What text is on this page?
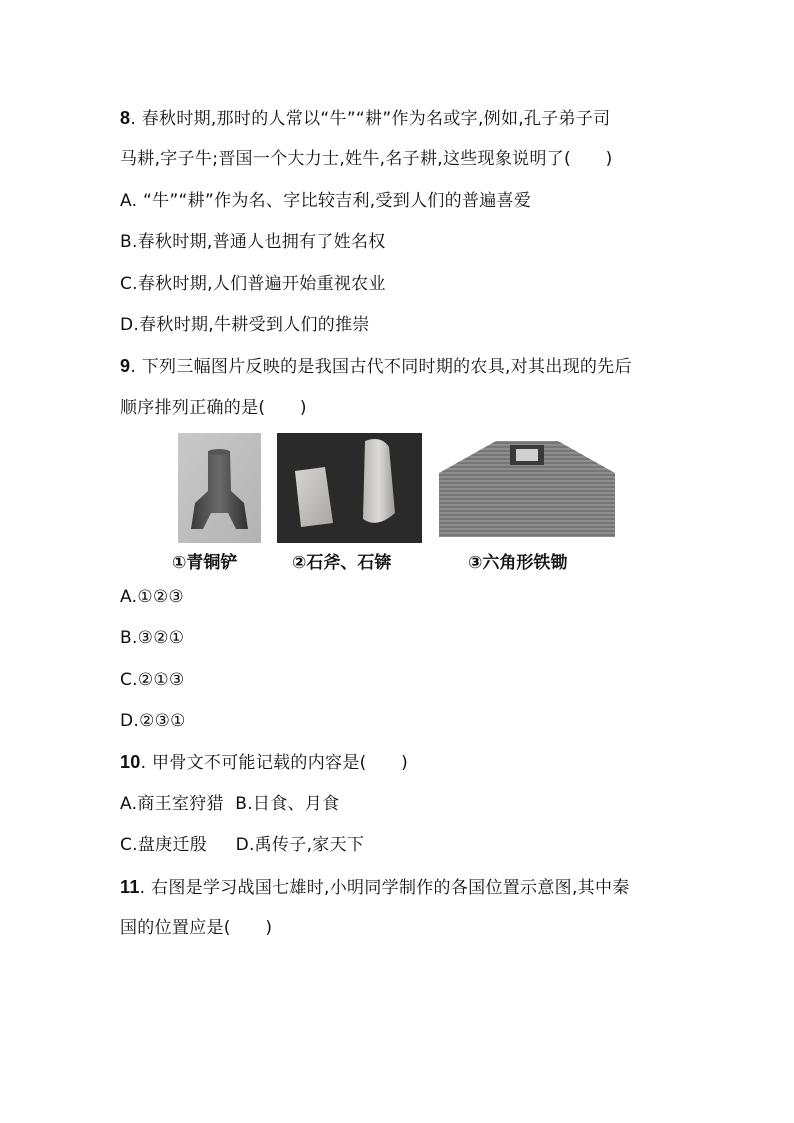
8. 春秋时期,那时的人常以“牛”“耕”作为名或字,例如,孔子弟子司
马耕,字子牛;晋国一个大力士,姓牛,名子耕,这些现象说明了(　　)
A. “牛”“耕”作为名、字比较吉利,受到人们的普遍喜爱
B.春秋时期,普通人也拥有了姓名权
C.春秋时期,人们普遍开始重视农业
D.春秋时期,牛耕受到人们的推崇
9. 下列三幅图片反映的是我国古代不同时期的农具,对其出现的先后
顺序排列正确的是(　　)
①青铜铲	②石斧、石锛	③六角形铁锄
A.①②③
B.③②①
C.②①③
D.②③①
10. 甲骨文不可能记载的内容是(　　)
A.商王室狩猎  B.日食、月食
C.盘庚迁殷     D.禹传子,家天下
11. 右图是学习战国七雄时,小明同学制作的各国位置示意图,其中秦
国的位置应是(　　)
